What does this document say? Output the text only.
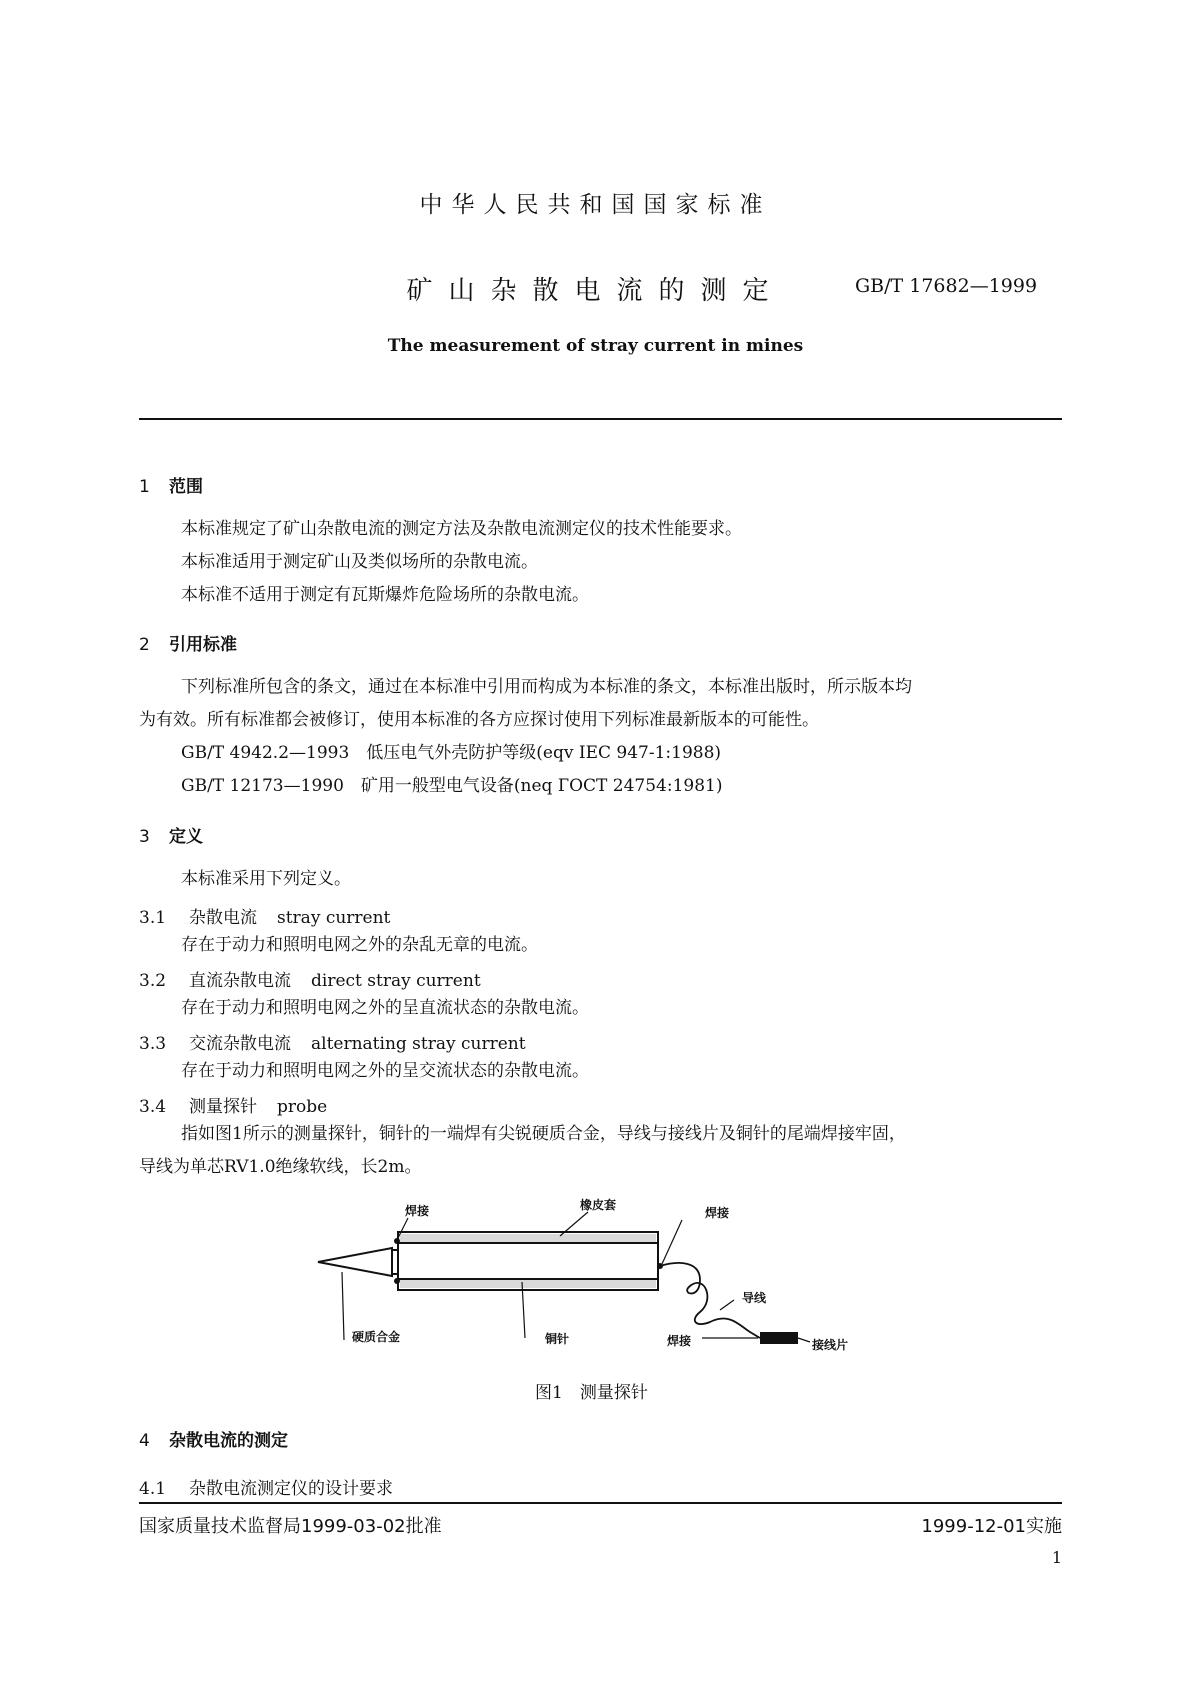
中华人民共和国国家标准
矿山杂散电流的测定	GB/T 17682—1999
The measurement of stray current in mines
1 范围
本标准规定了矿山杂散电流的测定方法及杂散电流测定仪的技术性能要求。
本标准适用于测定矿山及类似场所的杂散电流。
本标准不适用于测定有瓦斯爆炸危险场所的杂散电流。
2 引用标准
下列标准所包含的条文，通过在本标准中引用而构成为本标准的条文，本标准出版时，所示版本均
为有效。所有标准都会被修订，使用本标准的各方应探讨使用下列标准最新版本的可能性。
GB/T 4942.2—1993　低压电气外壳防护等级(eqv IEC 947-1:1988)
GB/T 12173—1990　矿用一般型电气设备(neq ГОСТ 24754:1981)
3 定义
本标准采用下列定义。
3.1 杂散电流 stray current
存在于动力和照明电网之外的杂乱无章的电流。
3.2 直流杂散电流 direct stray current
存在于动力和照明电网之外的呈直流状态的杂散电流。
3.3 交流杂散电流 alternating stray current
存在于动力和照明电网之外的呈交流状态的杂散电流。
3.4 测量探针 probe
指如图1所示的测量探针，铜针的一端焊有尖锐硬质合金，导线与接线片及铜针的尾端焊接牢固，
导线为单芯RV1.0绝缘软线，长2m。
焊接	橡皮套
焊接
导线
硬质合金	铜针	焊接	接线片
图1　测量探针
4 杂散电流的测定
4.1 杂散电流测定仪的设计要求
国家质量技术监督局1999-03-02批准	1999-12-01实施
1
